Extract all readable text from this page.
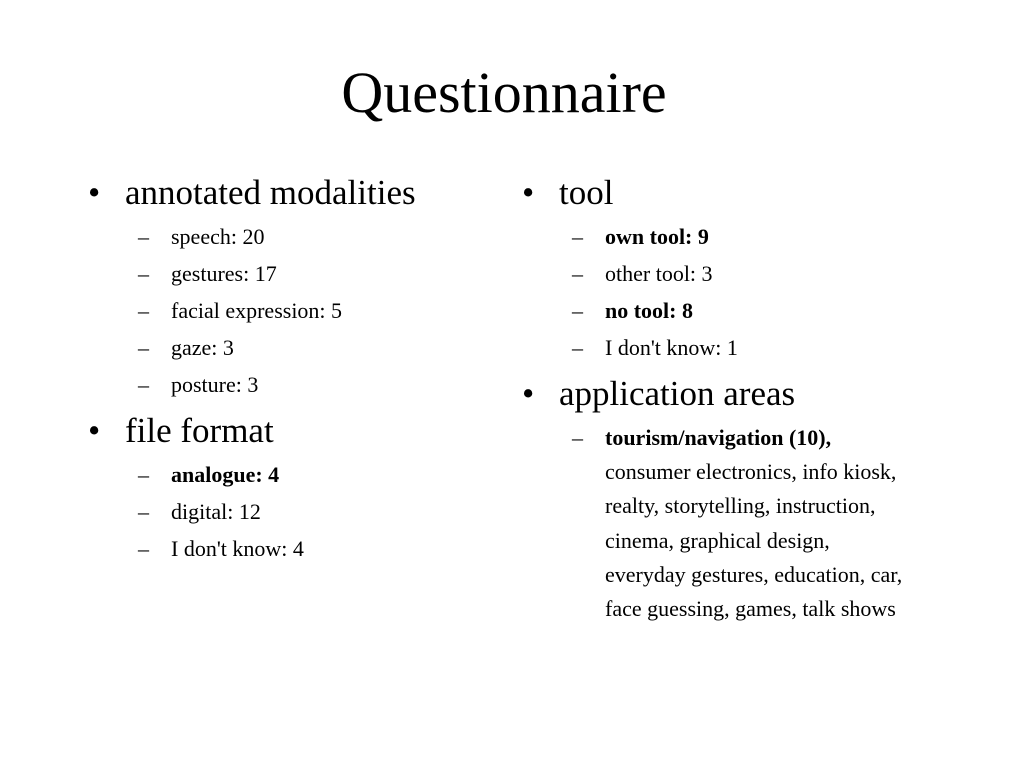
Questionnaire
• annotated modalities
– speech: 20
– gestures: 17
– facial expression: 5
– gaze: 3
– posture: 3
• file format
– analogue: 4
– digital: 12
– I don't know: 4
• tool
– own tool: 9
– other tool: 3
– no tool: 8
– I don't know: 1
• application areas
– tourism/navigation (10), consumer electronics, info kiosk, realty, storytelling, instruction, cinema, graphical design, everyday gestures, education, car, face guessing, games, talk shows
